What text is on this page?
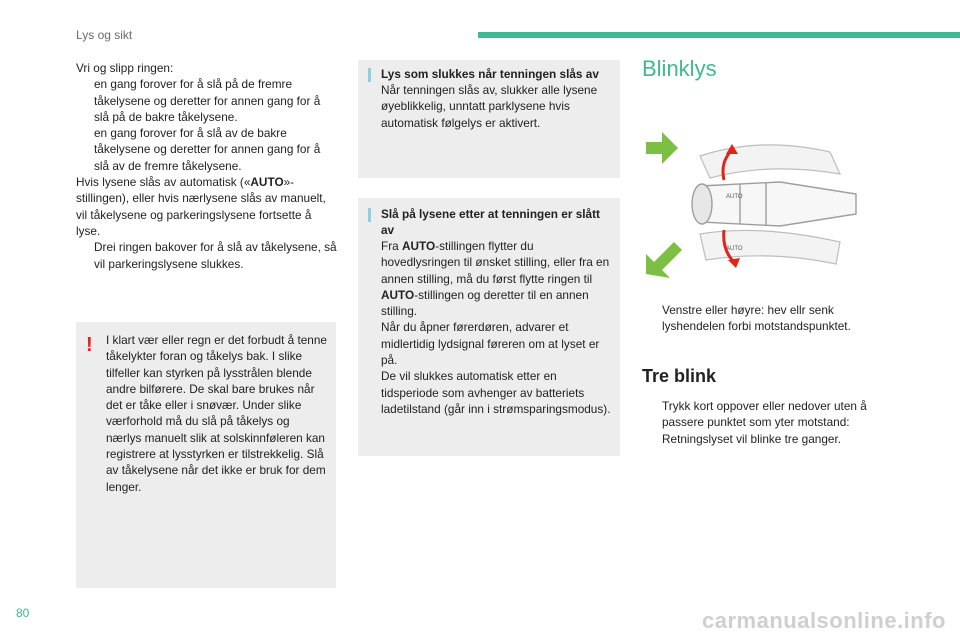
Lys og sikt

Vri og slipp ringen:

en gang forover for å slå på de fremre tåkelysene og deretter for annen gang for å slå på de bakre tåkelysene.
en gang forover for å slå av de bakre tåkelysene og deretter for annen gang for å slå av de fremre tåkelysene.

Hvis lysene slås av automatisk («AUTO»-stillingen), eller hvis nærlysene slås av manuelt, vil tåkelysene og parkeringslysene fortsette å lyse.

Drei ringen bakover for å slå av tåkelysene, så vil parkeringslysene slukkes.
! I klart vær eller regn er det forbudt å tenne tåkelykter foran og tåkelys bak. I slike tilfeller kan styrken på lysstrålen blende andre bilførere. De skal bare brukes når det er tåke eller i snøvær. Under slike værforhold må du slå på tåkelys og nærlys manuelt slik at solskinnføleren kan registrere at lysstyrken er tilstrekkelig. Slå av tåkelysene når det ikke er bruk for dem lenger.
Lys som slukkes når tenningen slås av
Når tenningen slås av, slukker alle lysene øyeblikkelig, unntatt parklysene hvis automatisk følgelys er aktivert.
Slå på lysene etter at tenningen er slått av
Fra AUTO-stillingen flytter du hovedlysringen til ønsket stilling, eller fra en annen stilling, må du først flytte ringen til AUTO-stillingen og deretter til en annen stilling.
Når du åpner førerdøren, advarer et midlertidig lydsignal føreren om at lyset er på.
De vil slukkes automatisk etter en tidsperiode som avhenger av batteriets ladetilstand (går inn i strømsparingsmodus).
Blinklys
AUTO
AUTO
Venstre eller høyre: hev ellr senk lyshendelen forbi motstandspunktet.
Tre blink
Trykk kort oppover eller nedover uten å passere punktet som yter motstand: Retningslyset vil blinke tre ganger.
80	carmanualsonline.info
